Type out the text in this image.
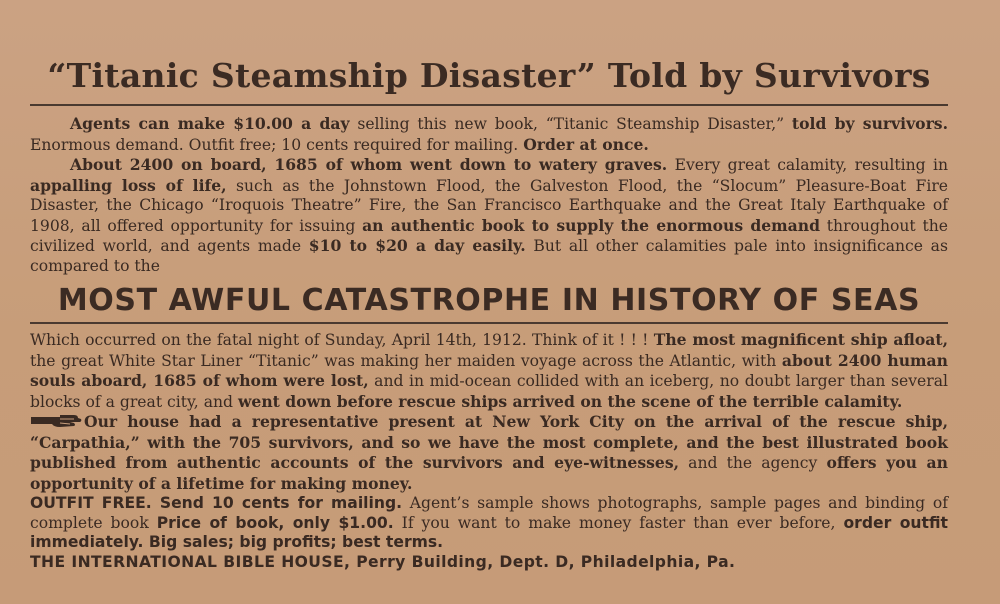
“Titanic Steamship Disaster” Told by Survivors

Agents can make $10.00 a day selling this new book, “Titanic Steamship Disaster,” told by survivors. Enormous demand. Outfit free; 10 cents required for mailing. Order at once.

About 2400 on board, 1685 of whom went down to watery graves. Every great calamity, resulting in appalling loss of life, such as the Johnstown Flood, the Galveston Flood, the “Slocum” Pleasure-Boat Fire Disaster, the Chicago “Iroquois Theatre” Fire, the San Francisco Earthquake and the Great Italy Earthquake of 1908, all offered opportunity for issuing an authentic book to supply the enormous demand throughout the civilized world, and agents made $10 to $20 a day easily. But all other calamities pale into insignificance as compared to the

MOST AWFUL CATASTROPHE IN HISTORY OF SEAS

Which occurred on the fatal night of Sunday, April 14th, 1912. Think of it ! ! ! The most magnificent ship afloat, the great White Star Liner “Titanic” was making her maiden voyage across the Atlantic, with about 2400 human souls aboard, 1685 of whom were lost, and in mid-ocean collided with an iceberg, no doubt larger than several blocks of a great city, and went down before rescue ships arrived on the scene of the terrible calamity.

Our house had a representative present at New York City on the arrival of the rescue ship, “Carpathia,” with the 705 survivors, and so we have the most complete, and the best illustrated book published from authentic accounts of the survivors and eye-witnesses, and the agency offers you an opportunity of a lifetime for making money.

OUTFIT FREE. Send 10 cents for mailing. Agent’s sample shows photographs, sample pages and binding of complete book Price of book, only $1.00. If you want to make money faster than ever before, order outfit immediately. Big sales; big profits; best terms.

THE INTERNATIONAL BIBLE HOUSE, Perry Building, Dept. D, Philadelphia, Pa.
